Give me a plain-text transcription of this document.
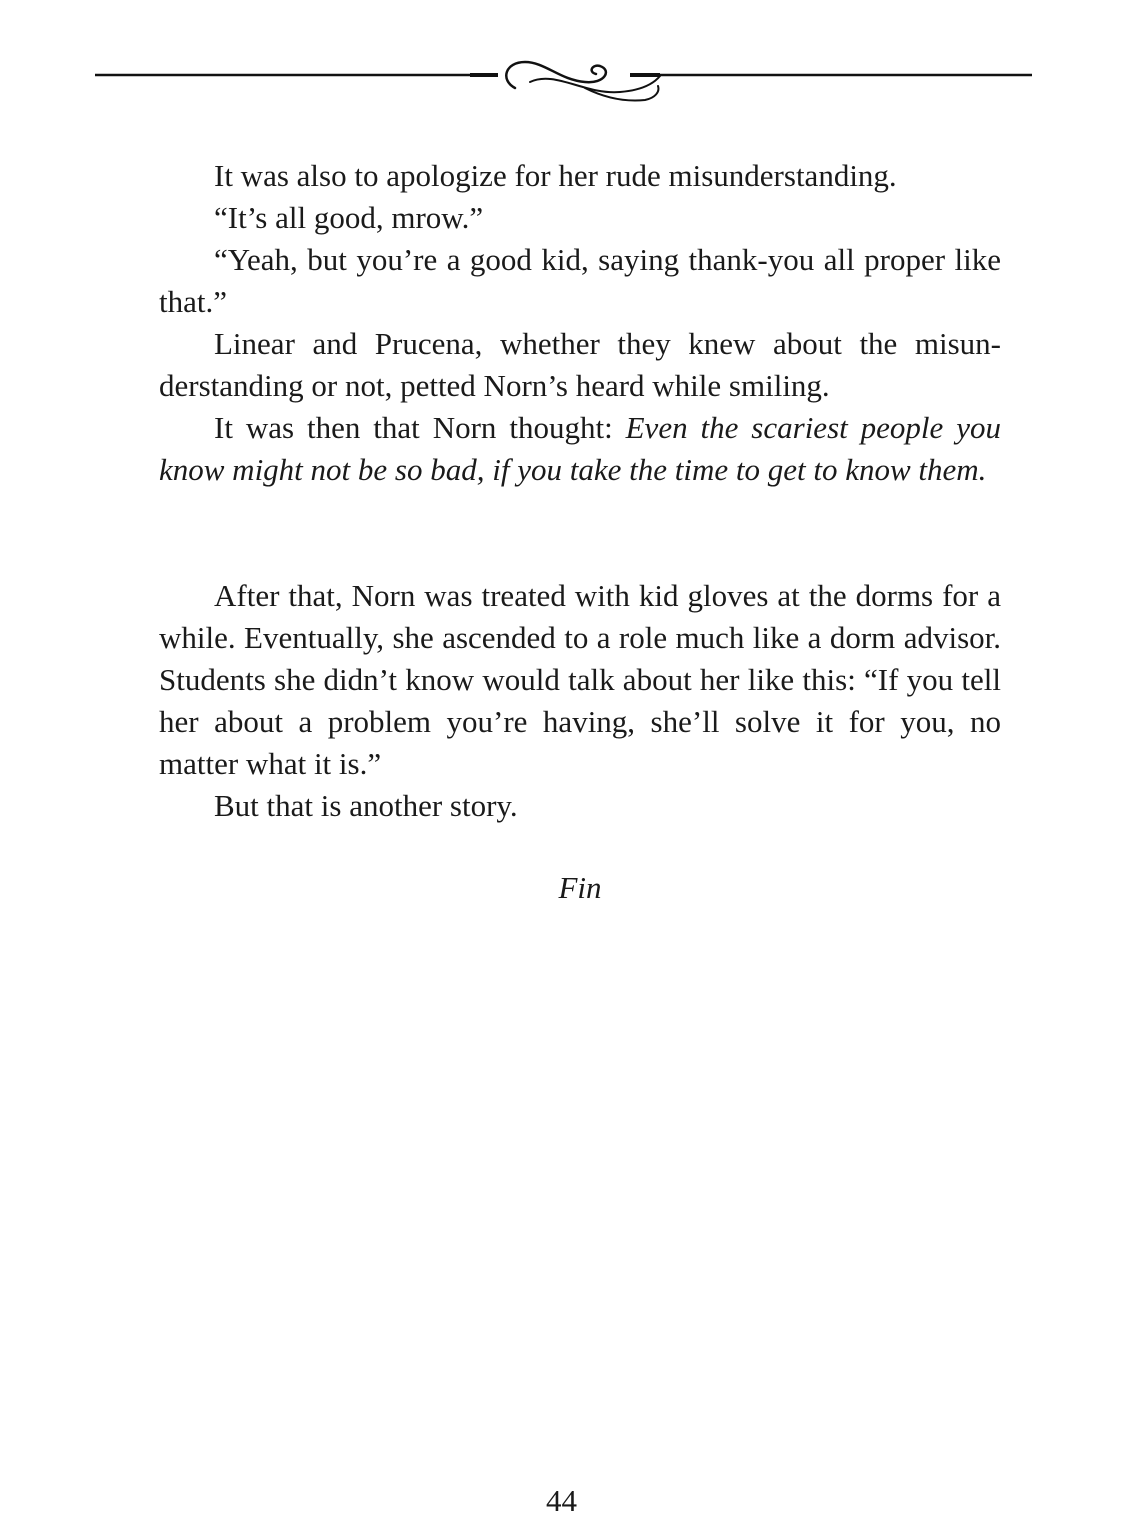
It was also to apologize for her rude misunderstanding.

“It’s all good, mrow.”

“Yeah, but you’re a good kid, saying thank-you all proper like that.”

Linear and Prucena, whether they knew about the misunderstanding or not, petted Norn’s heard while smiling.

It was then that Norn thought: Even the scariest people you know might not be so bad, if you take the time to get to know them.

After that, Norn was treated with kid gloves at the dorms for a while. Eventually, she ascended to a role much like a dorm advisor. Students she didn’t know would talk about her like this: “If you tell her about a problem you’re having, she’ll solve it for you, no matter what it is.”

But that is another story.

Fin

44
